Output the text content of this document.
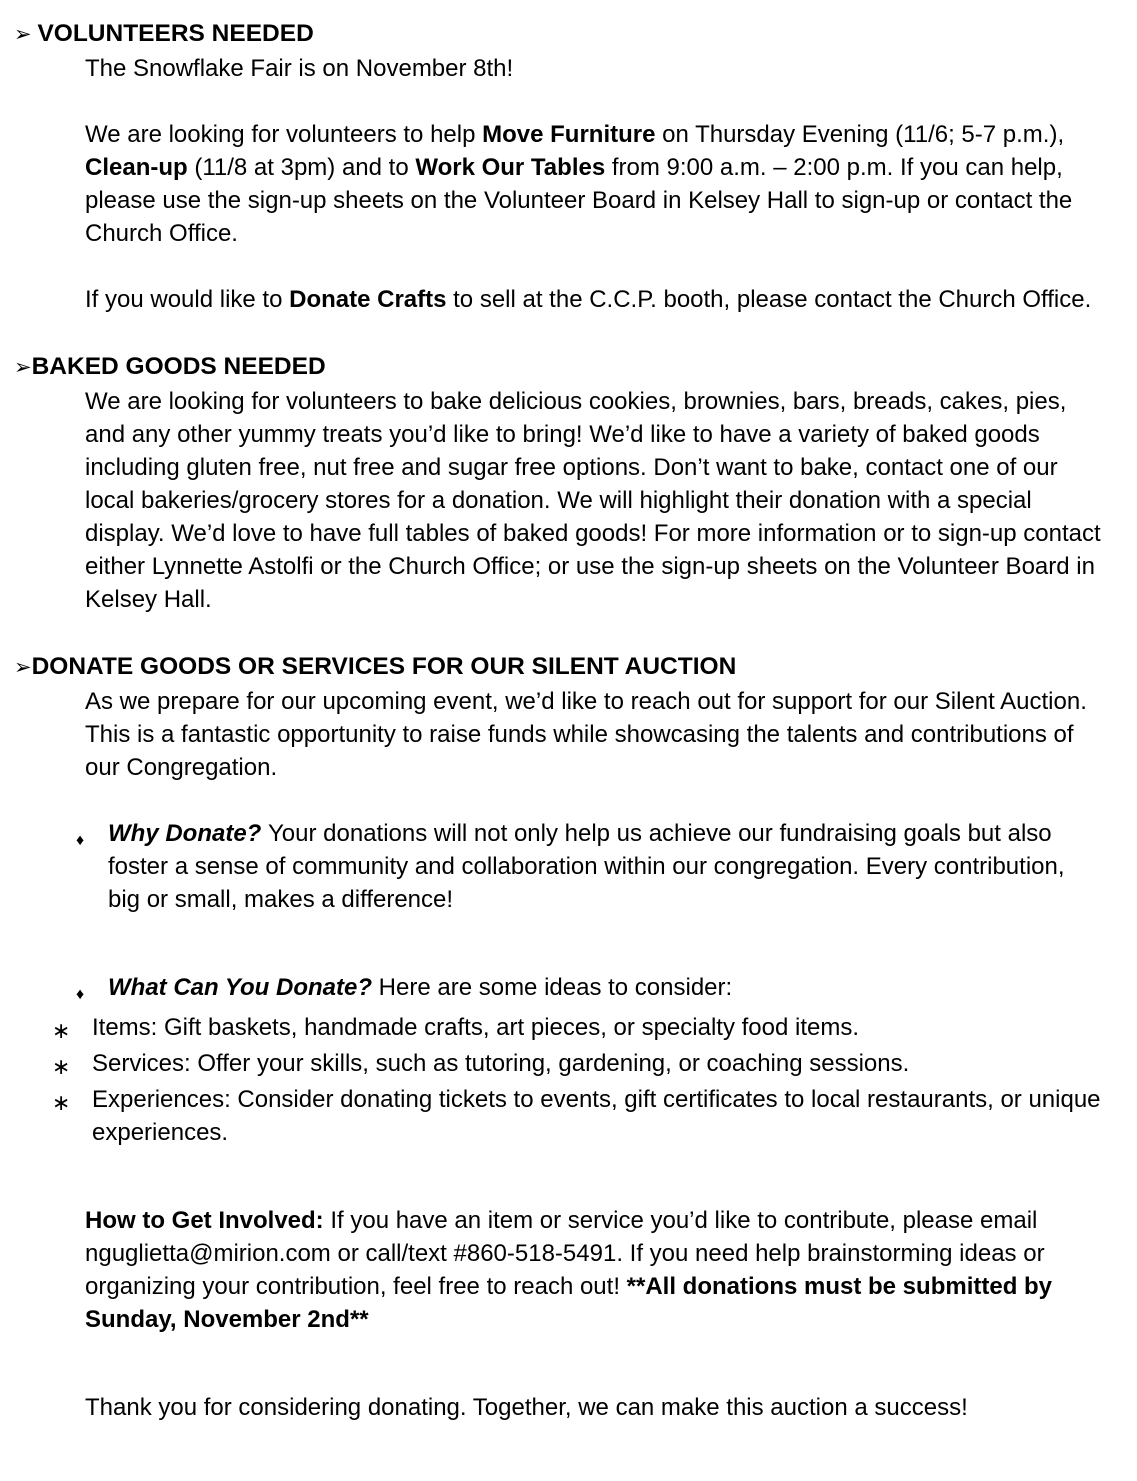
➢ VOLUNTEERS NEEDED

The Snowflake Fair is on November 8th!

We are looking for volunteers to help Move Furniture on Thursday Evening (11/6; 5-7 p.m.), Clean-up (11/8 at 3pm) and to Work Our Tables from 9:00 a.m. – 2:00 p.m. If you can help, please use the sign-up sheets on the Volunteer Board in Kelsey Hall to sign-up or contact the Church Office.

If you would like to Donate Crafts to sell at the C.C.P. booth, please contact the Church Office.

➢BAKED GOODS NEEDED

We are looking for volunteers to bake delicious cookies, brownies, bars, breads, cakes, pies, and any other yummy treats you’d like to bring! We’d like to have a variety of baked goods including gluten free, nut free and sugar free options. Don’t want to bake, contact one of our local bakeries/grocery stores for a donation. We will highlight their donation with a special display. We’d love to have full tables of baked goods! For more information or to sign-up contact either Lynnette Astolfi or the Church Office; or use the sign-up sheets on the Volunteer Board in Kelsey Hall.

➢DONATE GOODS OR SERVICES FOR OUR SILENT AUCTION

As we prepare for our upcoming event, we’d like to reach out for support for our Silent Auction. This is a fantastic opportunity to raise funds while showcasing the talents and contributions of our Congregation.

♦ Why Donate? Your donations will not only help us achieve our fundraising goals but also foster a sense of community and collaboration within our congregation. Every contribution, big or small, makes a difference!
♦ What Can You Donate? Here are some ideas to consider:
∗ Items: Gift baskets, handmade crafts, art pieces, or specialty food items.
∗ Services: Offer your skills, such as tutoring, gardening, or coaching sessions.
∗ Experiences: Consider donating tickets to events, gift certificates to local restaurants, or unique experiences.

How to Get Involved: If you have an item or service you’d like to contribute, please email nguglietta@mirion.com or call/text #860-518-5491. If you need help brainstorming ideas or organizing your contribution, feel free to reach out! **All donations must be submitted by Sunday, November 2nd**

Thank you for considering donating. Together, we can make this auction a success!
